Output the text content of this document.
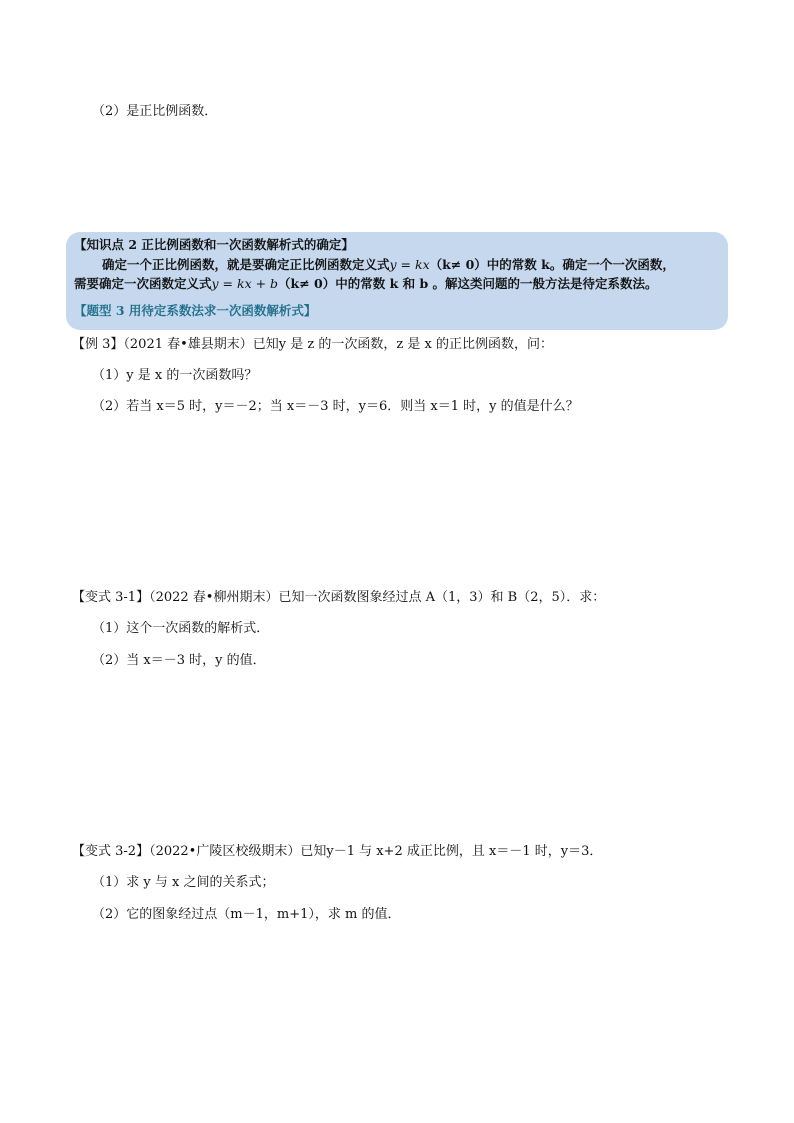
（2）是正比例函数．
【知识点 2 正比例函数和一次函数解析式的确定】
确定一个正比例函数，就是要确定正比例函数定义式y = kx（k≠ 0）中的常数 k。确定一个一次函数，
需要确定一次函数定义式y = kx + b（k≠ 0）中的常数 k 和 b 。解这类问题的一般方法是待定系数法。
【题型 3 用待定系数法求一次函数解析式】
【例 3】（2021 春•雄县期末）已知y 是 z 的一次函数，z 是 x 的正比例函数，问：
（1）y 是 x 的一次函数吗？
（2）若当 x＝5 时，y＝－2；当 x＝－3 时，y＝6．则当 x＝1 时，y 的值是什么？
【变式 3-1】（2022 春•柳州期末）已知一次函数图象经过点 A（1，3）和 B（2，5）．求：
（1）这个一次函数的解析式．
（2）当 x＝－3 时，y 的值．
【变式 3-2】（2022•广陵区校级期末）已知y－1 与 x+2 成正比例，且 x＝－1 时，y＝3．
（1）求 y 与 x 之间的关系式；
（2）它的图象经过点（m－1，m+1），求 m 的值．
